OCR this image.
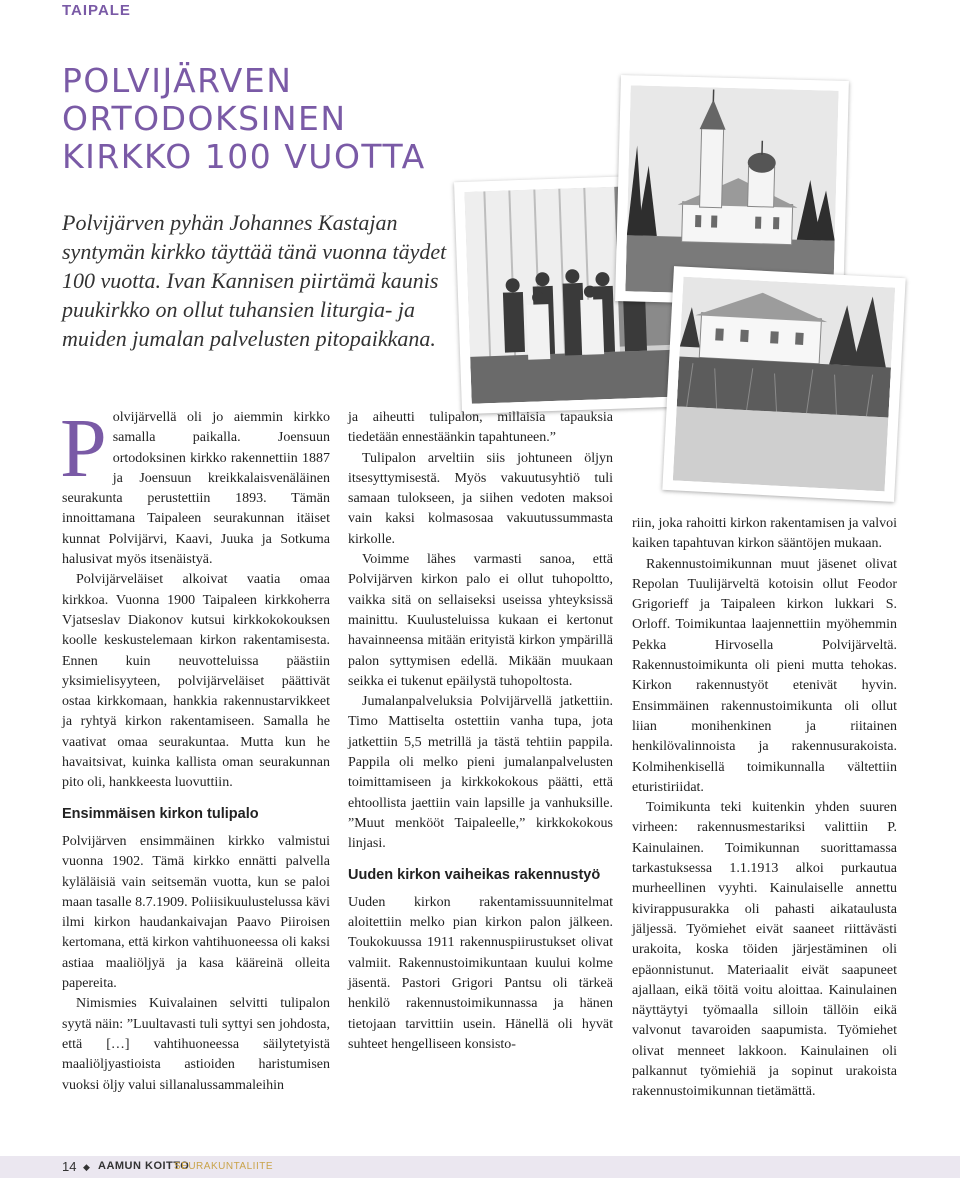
TAIPALE
POLVIJÄRVEN
ORTODOKSINEN
KIRKKO 100 VUOTTA
Polvijärven pyhän Johannes Kastajan syntymän kirkko täyttää tänä vuonna täydet 100 vuotta. Ivan Kannisen piirtämä kaunis puukirkko on ollut tuhansien liturgia- ja muiden jumalan palvelusten pitopaikkana.
P olvijärvellä oli jo aiemmin kirkko samalla paikalla. Joensuun ortodoksinen kirkko rakennettiin 1887 ja Joensuun kreikkalaisvenäläinen seurakunta perustettiin 1893. Tämän innoittamana Taipaleen seurakunnan itäiset kunnat Polvijärvi, Kaavi, Juuka ja Sotkuma halusivat myös itsenäistyä.

Polvijärveläiset alkoivat vaatia omaa kirkkoa. Vuonna 1900 Taipaleen kirkkoherra Vjatseslav Diakonov kutsui kirkkokokouksen koolle keskustelemaan kirkon rakentamisesta. Ennen kuin neuvotteluissa päästiin yksimielisyyteen, polvijärveläiset päättivät ostaa kirkkomaan, hankkia rakennustarvikkeet ja ryhtyä kirkon rakentamiseen. Samalla he vaativat omaa seurakuntaa. Mutta kun he havaitsivat, kuinka kallista oman seurakunnan pito oli, hankkeesta luovuttiin.

Ensimmäisen kirkon tulipalo

Polvijärven ensimmäinen kirkko valmistui vuonna 1902. Tämä kirkko ennätti palvella kyläläisiä vain seitsemän vuotta, kun se paloi maan tasalle 8.7.1909. Poliisikuulustelussa kävi ilmi kirkon haudankaivajan Paavo Piiroisen kertomana, että kirkon vahtihuoneessa oli kaksi astiaa maaliöljyä ja kasa kääreinä olleita papereita.

Nimismies Kuivalainen selvitti tulipalon syytä näin: ”Luultavasti tuli syttyi sen johdosta, että […] vahtihuoneessa säilytetyistä maaliöljyastioista astioiden haristumisen vuoksi öljy valui sillanalussammaleihin

ja aiheutti tulipalon, millaisia tapauksia tiedetään ennestäänkin tapahtuneen.”

Tulipalon arveltiin siis johtuneen öljyn itsesyttymisestä. Myös vakuutusyhtiö tuli samaan tulokseen, ja siihen vedoten maksoi vain kaksi kolmasosaa vakuutussummasta kirkolle.

Voimme lähes varmasti sanoa, että Polvijärven kirkon palo ei ollut tuhopoltto, vaikka sitä on sellaiseksi useissa yhteyksissä mainittu. Kuulusteluissa kukaan ei kertonut havainneensa mitään erityistä kirkon ympärillä palon syttymisen edellä. Mikään muukaan seikka ei tukenut epäilystä tuhopoltosta.

Jumalanpalveluksia Polvijärvellä jatkettiin. Timo Mattiselta ostettiin vanha tupa, jota jatkettiin 5,5 metrillä ja tästä tehtiin pappila. Pappila oli melko pieni jumalanpalvelusten toimittamiseen ja kirkkokokous päätti, että ehtoollista jaettiin vain lapsille ja vanhuksille. ”Muut menkööt Taipaleelle,” kirkkokokous linjasi.

Uuden kirkon vaiheikas rakennustyö

Uuden kirkon rakentamissuunnitelmat aloitettiin melko pian kirkon palon jälkeen. Toukokuussa 1911 rakennuspiirustukset olivat valmiit. Rakennustoimikuntaan kuului kolme jäsentä. Pastori Grigori Pantsu oli tärkeä henkilö rakennustoimikunnassa ja hänen tietojaan tarvittiin usein. Hänellä oli hyvät suhteet hengelliseen konsisto-

riin, joka rahoitti kirkon rakentamisen ja valvoi kaiken tapahtuvan kirkon sääntöjen mukaan.

Rakennustoimikunnan muut jäsenet olivat Repolan Tuulijärveltä kotoisin ollut Feodor Grigorieff ja Taipaleen kirkon lukkari S. Orloff. Toimikuntaa laajennettiin myöhemmin Pekka Hirvosella Polvijärveltä. Rakennustoimikunta oli pieni mutta tehokas. Kirkon rakennustyöt etenivät hyvin. Ensimmäinen rakennustoimikunta oli ollut liian monihenkinen ja riitainen henkilövalinnoista ja rakennusurakoista. Kolmihenkisellä toimikunnalla vältettiin eturistiriidat.

Toimikunta teki kuitenkin yhden suuren virheen: rakennusmestariksi valittiin P. Kainulainen. Toimikunnan suorittamassa tarkastuksessa 1.1.1913 alkoi purkautua murheellinen vyyhti. Kainulaiselle annettu kivirappusurakka oli pahasti aikataulusta jäljessä. Työmiehet eivät saaneet riittävästi urakoita, koska töiden järjestäminen oli epäonnistunut. Materiaalit eivät saapuneet ajallaan, eikä töitä voitu aloittaa. Kainulainen näyttäytyi työmaalla silloin tällöin eikä valvonut tavaroiden saapumista. Työmiehet olivat menneet lakkoon. Kainulainen oli palkannut työmiehiä ja sopinut urakoista rakennustoimikunnan tietämättä.

14 ◆ AAMUN KOITTO
SEURAKUNTALIITE
